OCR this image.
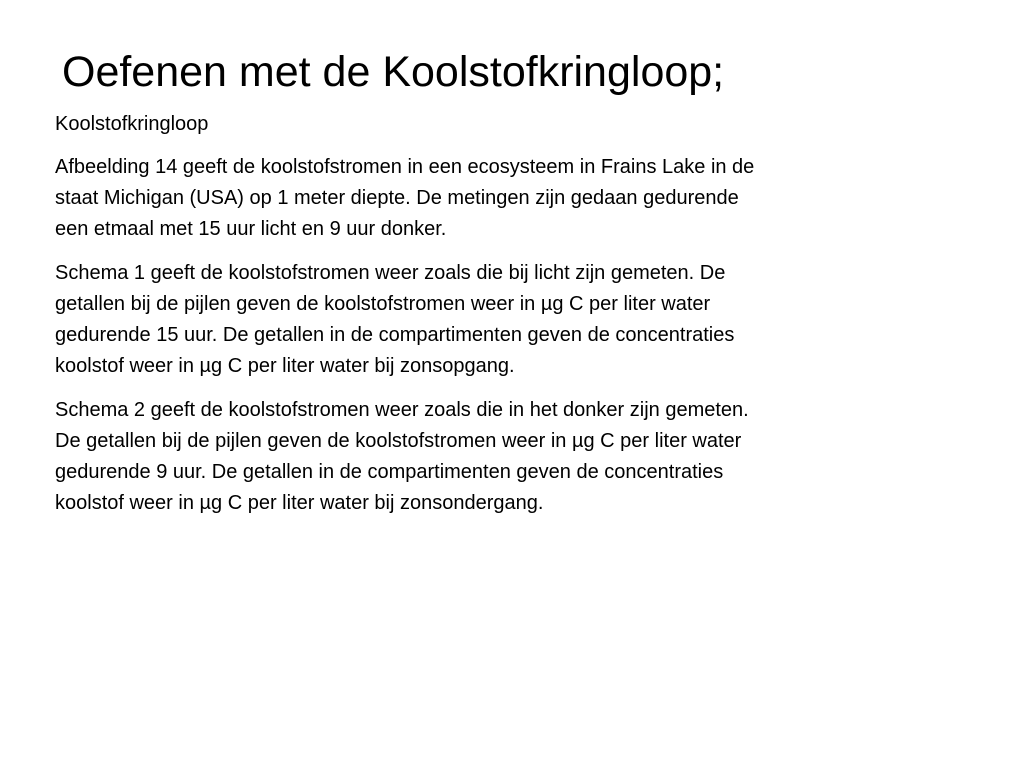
Oefenen met de Koolstofkringloop;

Koolstofkringloop

Afbeelding 14 geeft de koolstofstromen in een ecosysteem in Frains Lake in de
staat Michigan (USA) op 1 meter diepte. De metingen zijn gedaan gedurende
een etmaal met 15 uur licht en 9 uur donker.

Schema 1 geeft de koolstofstromen weer zoals die bij licht zijn gemeten. De
getallen bij de pijlen geven de koolstofstromen weer in µg C per liter water
gedurende 15 uur. De getallen in de compartimenten geven de concentraties
koolstof weer in µg C per liter water bij zonsopgang.

Schema 2 geeft de koolstofstromen weer zoals die in het donker zijn gemeten.
De getallen bij de pijlen geven de koolstofstromen weer in µg C per liter water
gedurende 9 uur. De getallen in de compartimenten geven de concentraties
koolstof weer in µg C per liter water bij zonsondergang.
